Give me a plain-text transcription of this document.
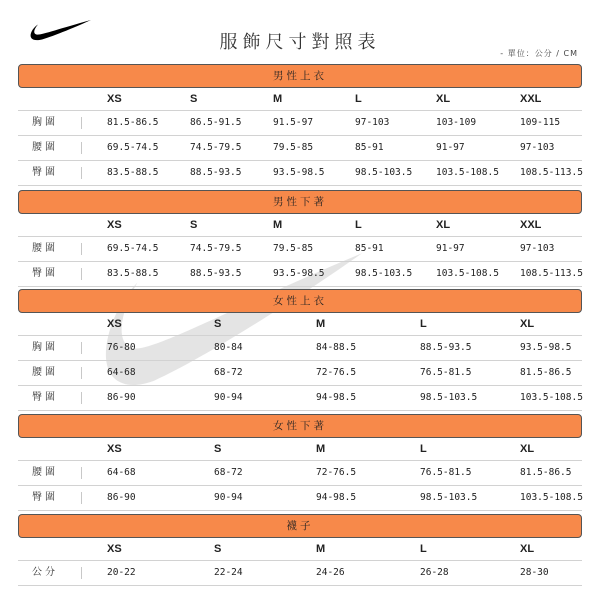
服飾尺寸對照表
- 單位：公分 / CM
男性上衣
XS	S	M	L	XL	XXL
胸圍	81.5-86.5	86.5-91.5	91.5-97	97-103	103-109	109-115
腰圍	69.5-74.5	74.5-79.5	79.5-85	85-91	91-97	97-103
臀圍	83.5-88.5	88.5-93.5	93.5-98.5	98.5-103.5	103.5-108.5 108.5-113.5
男性下著
XS	S	M	L	XL	XXL
腰圍	69.5-74.5	74.5-79.5	79.5-85	85-91	91-97	97-103
臀圍	83.5-88.5	88.5-93.5	93.5-98.5	98.5-103.5	103.5-108.5 108.5-113.5
女性上衣
XS	S	M	L	XL
胸圍	76-80	80-84	84-88.5	88.5-93.5	93.5-98.5
腰圍	64-68	68-72	72-76.5	76.5-81.5	81.5-86.5
臀圍	86-90	90-94	94-98.5	98.5-103.5	103.5-108.5
女性下著
XS	S	M	L	XL
腰圍	64-68	68-72	72-76.5	76.5-81.5	81.5-86.5
臀圍	86-90	90-94	94-98.5	98.5-103.5	103.5-108.5
襪子
XS	S	M	L	XL
公分	20-22	22-24	24-26	26-28	28-30
